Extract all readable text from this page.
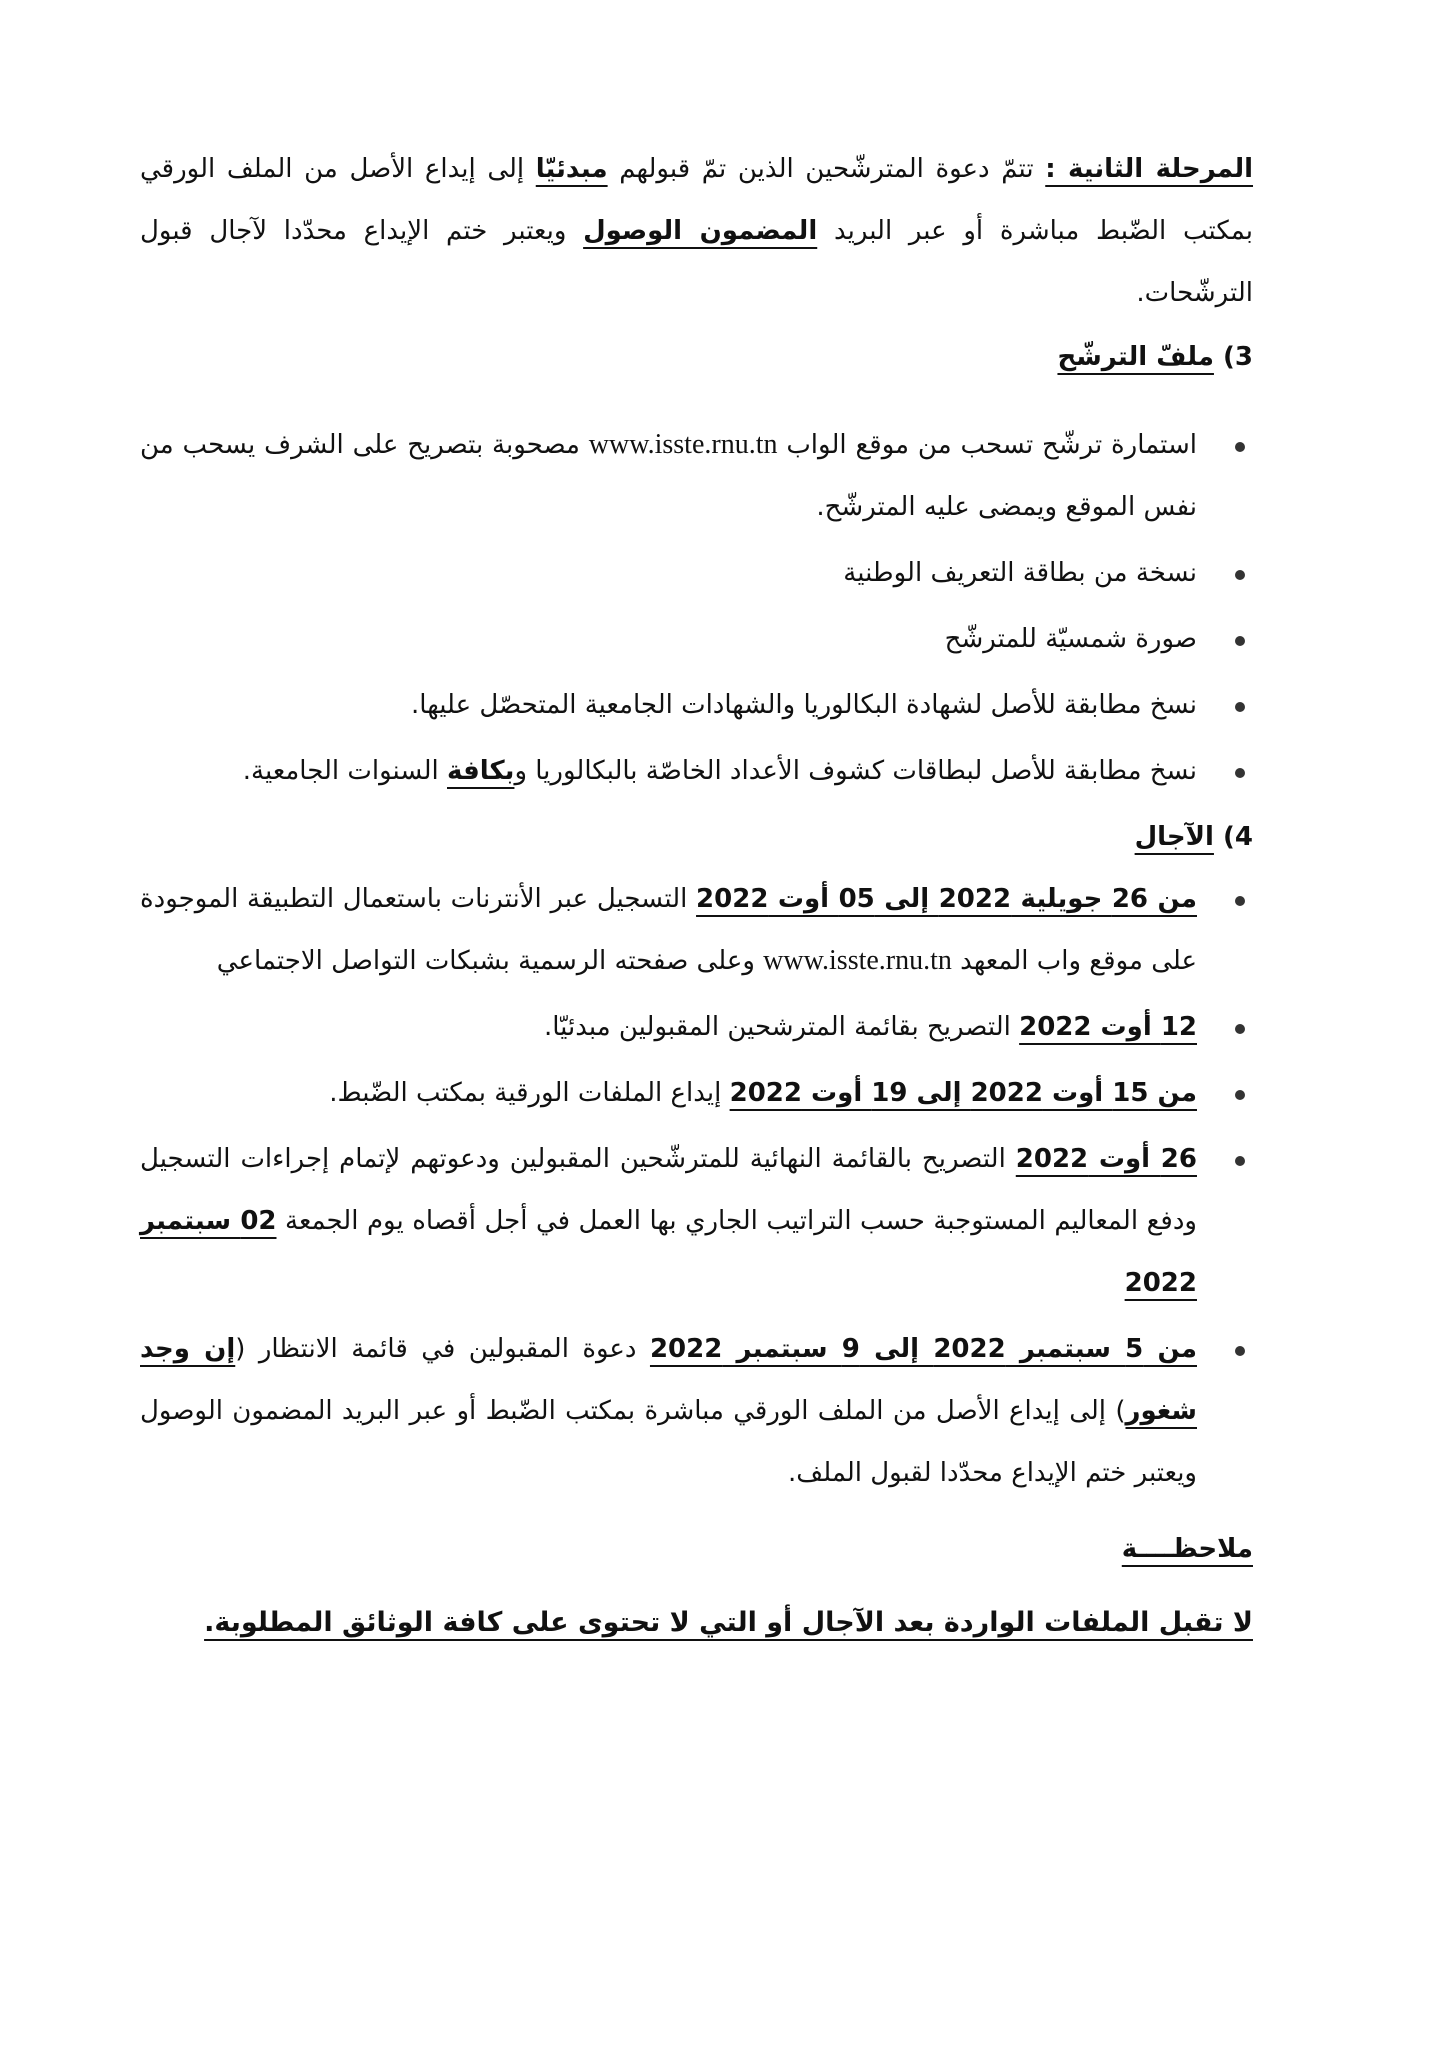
المرحلة الثانية : تتمّ دعوة المترشّحين الذين تمّ قبولهم مبدئيّا إلى إيداع الأصل من الملف الورقي بمكتب الضّبط مباشرة أو عبر البريد المضمون الوصول ويعتبر ختم الإيداع محدّدا لآجال قبول الترشّحات.

3) ملفّ الترشّح

استمارة ترشّح تسحب من موقع الواب www.isste.rnu.tn مصحوبة بتصريح على الشرف يسحب من نفس الموقع ويمضى عليه المترشّح.
نسخة من بطاقة التعريف الوطنية
صورة شمسيّة للمترشّح
نسخ مطابقة للأصل لشهادة البكالوريا والشهادات الجامعية المتحصّل عليها.
نسخ مطابقة للأصل لبطاقات كشوف الأعداد الخاصّة بالبكالوريا وبكافة السنوات الجامعية.

4) الآجال

من 26 جويلية 2022 إلى 05 أوت 2022 التسجيل عبر الأنترنات باستعمال التطبيقة الموجودة على موقع واب المعهد www.isste.rnu.tn وعلى صفحته الرسمية بشبكات التواصل الاجتماعي
12 أوت 2022 التصريح بقائمة المترشحين المقبولين مبدئيّا.
من 15 أوت 2022 إلى 19 أوت 2022 إيداع الملفات الورقية بمكتب الضّبط.
26 أوت 2022 التصريح بالقائمة النهائية للمترشّحين المقبولين ودعوتهم لإتمام إجراءات التسجيل ودفع المعاليم المستوجبة حسب التراتيب الجاري بها العمل في أجل أقصاه يوم الجمعة 02 سبتمبر 2022
من 5 سبتمبر 2022 إلى 9 سبتمبر 2022 دعوة المقبولين في قائمة الانتظار (إن وجد شغور) إلى إيداع الأصل من الملف الورقي مباشرة بمكتب الضّبط أو عبر البريد المضمون الوصول ويعتبر ختم الإيداع محدّدا لقبول الملف.

ملاحظــــة

لا تقبل الملفات الواردة بعد الآجال أو التي لا تحتوى على كافة الوثائق المطلوبة.
